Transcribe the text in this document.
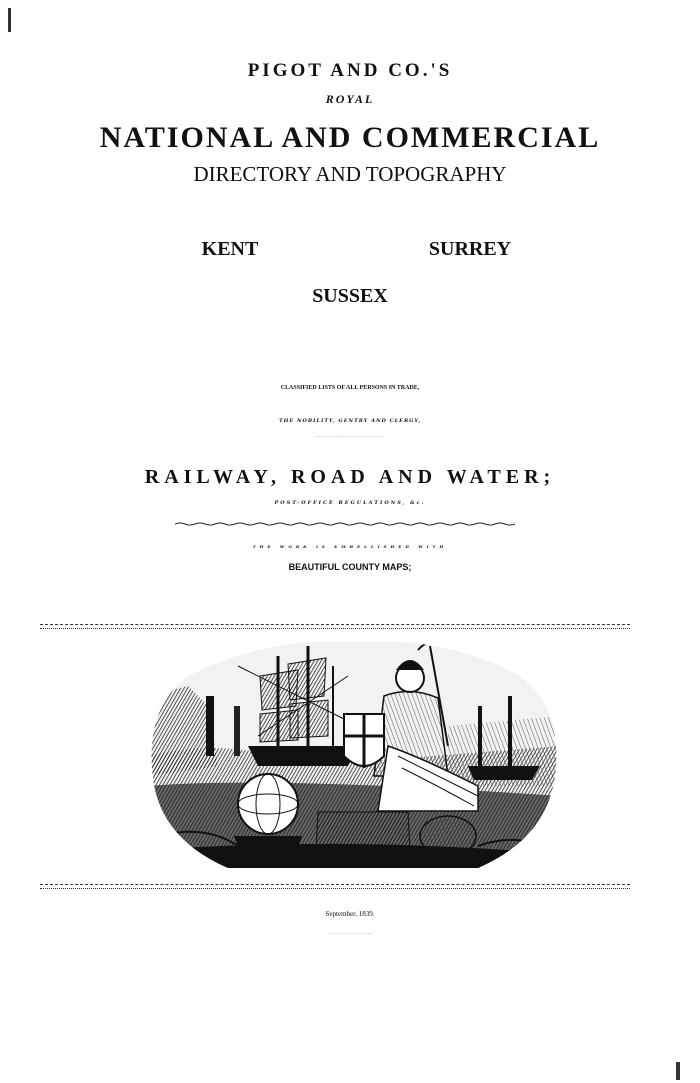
PIGOT AND CO.'S
ROYAL
NATIONAL AND COMMERCIAL
DIRECTORY AND TOPOGRAPHY
KENT	SURREY
SUSSEX
CLASSIFIED LISTS OF ALL PERSONS IN TRADE,
THE NOBILITY, GENTRY AND CLERGY,
RESIDENT IN THE TOWNS AND PRINCIPAL VILLAGES IN THE ABOVE COUNTIES.
RAILWAY, ROAD AND WATER;
POST-OFFICE REGULATIONS, &c.
THE WORK IS EMBELLISHED WITH
BEAUTIFUL COUNTY MAPS;
September, 1839.
